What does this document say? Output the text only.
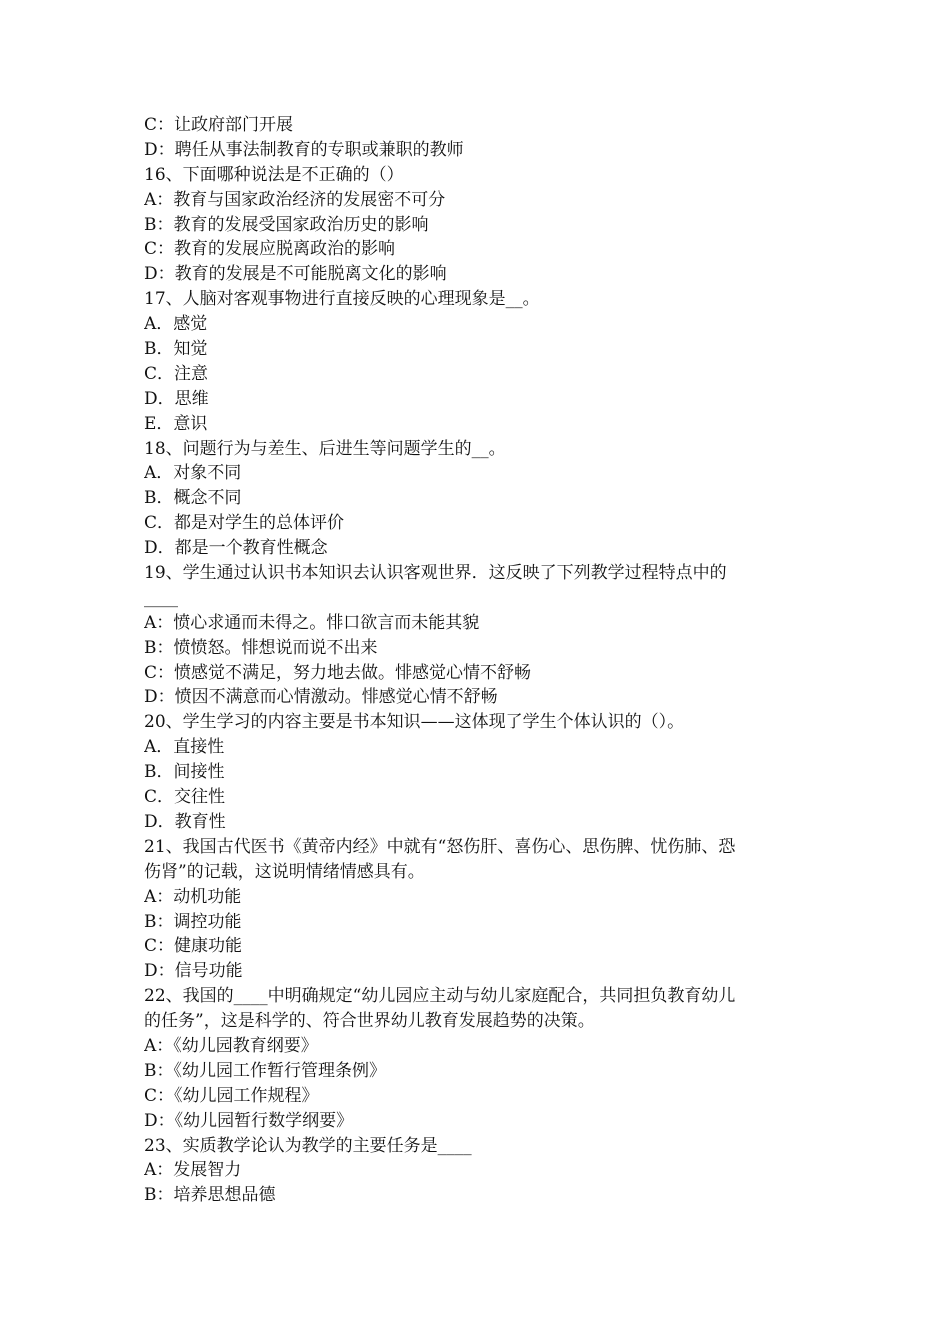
C：让政府部门开展
D：聘任从事法制教育的专职或兼职的教师
16、下面哪种说法是不正确的（）
A：教育与国家政治经济的发展密不可分
B：教育的发展受国家政治历史的影响
C：教育的发展应脱离政治的影响
D：教育的发展是不可能脱离文化的影响
17、人脑对客观事物进行直接反映的心理现象是__。
A．感觉
B．知觉
C．注意
D．思维
E．意识
18、问题行为与差生、后进生等问题学生的__。
A．对象不同
B．概念不同
C．都是对学生的总体评价
D．都是一个教育性概念
19、学生通过认识书本知识去认识客观世界．这反映了下列教学过程特点中的
____
A：愤心求通而未得之。悱口欲言而未能其貌
B：愤愤怒。悱想说而说不出来
C：愤感觉不满足，努力地去做。悱感觉心情不舒畅
D：愤因不满意而心情激动。悱感觉心情不舒畅
20、学生学习的内容主要是书本知识——这体现了学生个体认识的（）。
A．直接性
B．间接性
C．交往性
D．教育性
21、我国古代医书《黄帝内经》中就有“怒伤肝、喜伤心、思伤脾、忧伤肺、恐
伤肾”的记载，这说明情绪情感具有。
A：动机功能
B：调控功能
C：健康功能
D：信号功能
22、我国的____中明确规定“幼儿园应主动与幼儿家庭配合，共同担负教育幼儿
的任务”，这是科学的、符合世界幼儿教育发展趋势的决策。
A：《幼儿园教育纲要》
B：《幼儿园工作暂行管理条例》
C：《幼儿园工作规程》
D：《幼儿园暂行数学纲要》
23、实质教学论认为教学的主要任务是____
A：发展智力
B：培养思想品德
